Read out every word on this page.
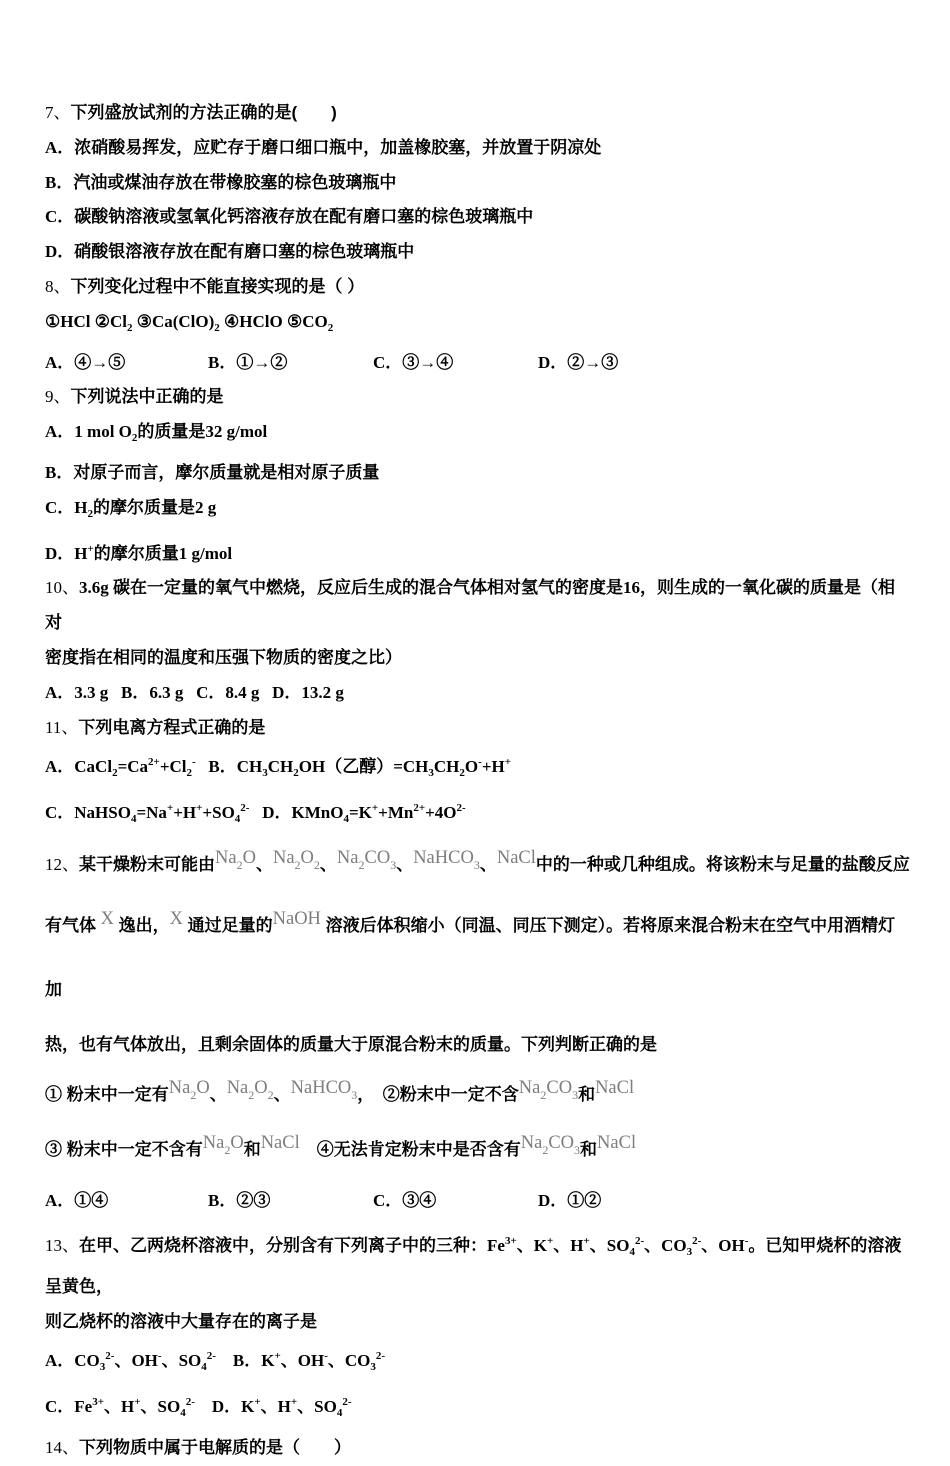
7、下列盛放试剂的方法正确的是(　　)
A．浓硝酸易挥发，应贮存于磨口细口瓶中，加盖橡胶塞，并放置于阴凉处
B．汽油或煤油存放在带橡胶塞的棕色玻璃瓶中
C．碳酸钠溶液或氢氧化钙溶液存放在配有磨口塞的棕色玻璃瓶中
D．硝酸银溶液存放在配有磨口塞的棕色玻璃瓶中
8、下列变化过程中不能直接实现的是（ ）
①HCl $②Cl_2$ $③Ca(ClO)_2$ ④HClO $⑤CO_2$
A．④→⑤	B．①→②	C．③→④	D．②→③
9、下列说法中正确的是
A．1 mol $O_2$的质量是32 g/mol
B．对原子而言，摩尔质量就是相对原子质量
C．$H_2$的摩尔质量是2 g
D．H+的摩尔质量1 g/mol
10、3.6g 碳在一定量的氧气中燃烧，反应后生成的混合气体相对氢气的密度是16，则生成的一氧化碳的质量是（相对
密度指在相同的温度和压强下物质的密度之比）
A．3.3 g   B．6.3 g   C．8.4 g   D．13.2 g
11、下列电离方程式正确的是
A．$CaCl_2=Ca^{2+}+Cl_2^-$   B．$CH_3CH_2OH$（乙醇）$=CH_3CH_2O^-+H^+$
C．$NaHSO_4=Na^++H^++SO_4^{2-}$   D．$KMnO_4=K^++Mn^{2+}+4O^{2-}$
12、某干燥粉末可能由Na2O、Na2O2、Na2CO3、NaHCO3、NaCl中的一种或几种组成。将该粉末与足量的盐酸反应
有气体 X 逸出，X 通过足量的NaOH 溶液后体积缩小（同温、同压下测定）。若将原来混合粉末在空气中用酒精灯加
热，也有气体放出，且剩余固体的质量大于原混合粉末的质量。下列判断正确的是
① 粉末中一定有Na2O、Na2O2、NaHCO3，　②粉末中一定不含Na2CO3和NaCl
③ 粉末中一定不含有Na2O和NaCl　④无法肯定粉末中是否含有Na2CO3和NaCl
A．①④	B．②③	C．③④	D．①②
13、在甲、乙两烧杯溶液中，分别含有下列离子中的三种：$Fe^{3+}$、K+、H+、$SO_4^{2-}$、$CO_3^{2-}$、OH-。已知甲烧杯的溶液呈黄色，
则乙烧杯的溶液中大量存在的离子是
A．$CO_3^{2-}$、OH-、$SO_4^{2-}$　B．K+、OH-、$CO_3^{2-}$
C．$Fe^{3+}$、H+、$SO_4^{2-}$　D．K+、H+、$SO_4^{2-}$
14、下列物质中属于电解质的是（　　）
